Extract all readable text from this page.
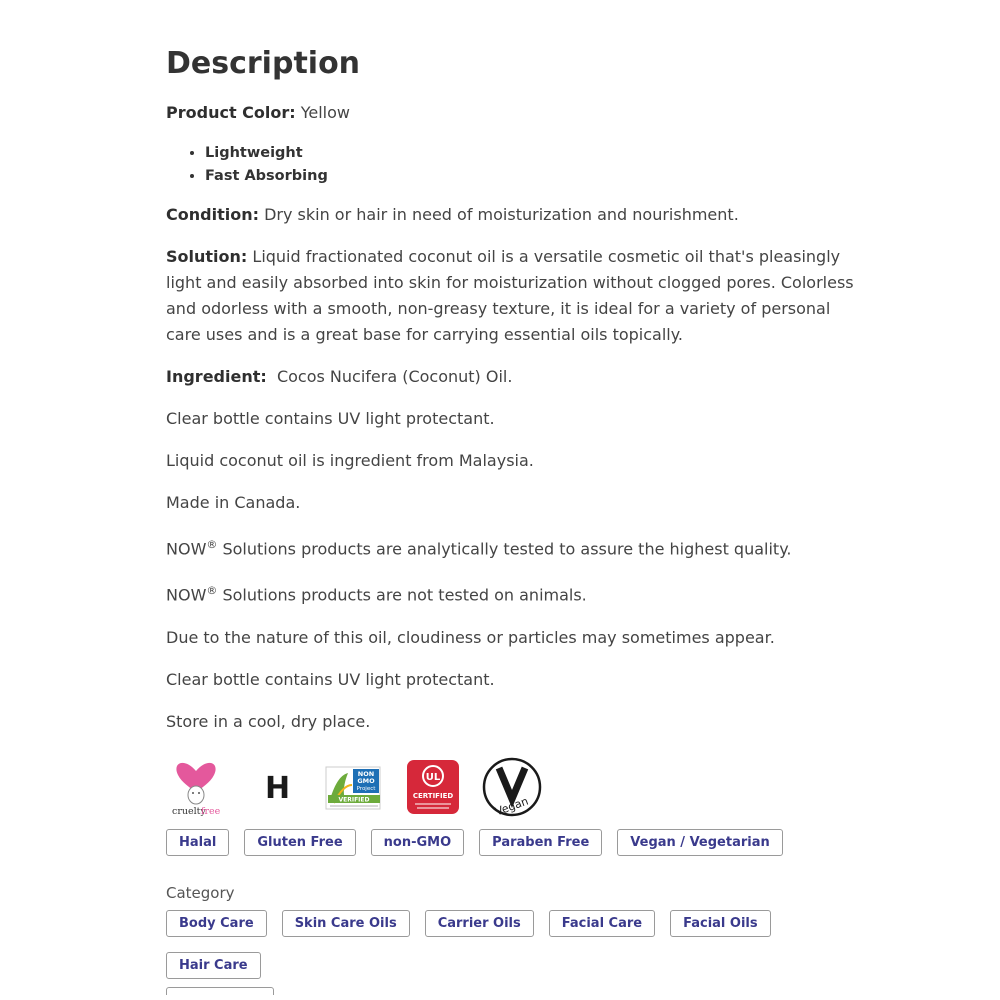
Description

Product Color: Yellow

• Lightweight
• Fast Absorbing

Condition: Dry skin or hair in need of moisturization and nourishment.

Solution: Liquid fractionated coconut oil is a versatile cosmetic oil that's pleasingly light and easily absorbed into skin for moisturization without clogged pores. Colorless and odorless with a smooth, non-greasy texture, it is ideal for a variety of personal care uses and is a great base for carrying essential oils topically.

Ingredient:  Cocos Nucifera (Coconut) Oil.

Clear bottle contains UV light protectant.

Liquid coconut oil is ingredient from Malaysia.

Made in Canada.

NOW® Solutions products are analytically tested to assure the highest quality.

NOW® Solutions products are not tested on animals.

Due to the nature of this oil, cloudiness or particles may sometimes appear.

Clear bottle contains UV light protectant.

Store in a cool, dry place.

cruelty
free
H	NON
GMO
Project
VERIFIED
UL
CERTIFIED	Vegan
Halal	Gluten Free	non-GMO	Paraben Free	Vegan / Vegetarian
Category
Body Care	Skin Care Oils	Carrier Oils	Facial Care	Facial Oils
Hair Care
